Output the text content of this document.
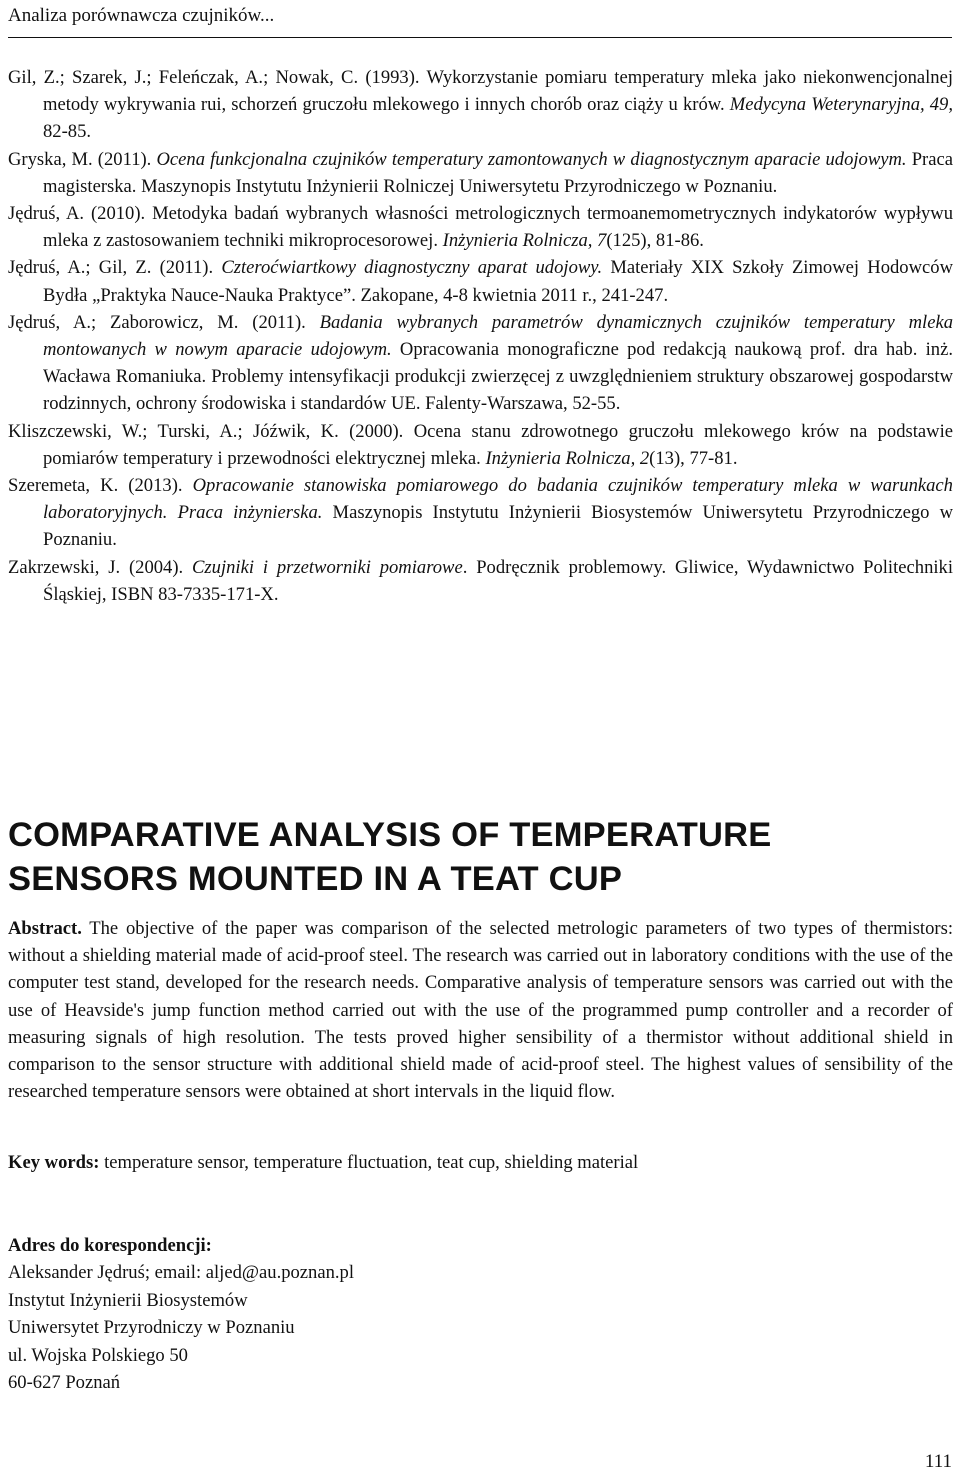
Analiza porównawcza czujników...
Gil, Z.; Szarek, J.; Feleńczak, A.; Nowak, C. (1993). Wykorzystanie pomiaru temperatury mleka jako niekonwencjonalnej metody wykrywania rui, schorzeń gruczołu mlekowego i innych chorób oraz ciąży u krów. Medycyna Weterynaryjna, 49, 82-85.
Gryska, M. (2011). Ocena funkcjonalna czujników temperatury zamontowanych w diagnostycznym aparacie udojowym. Praca magisterska. Maszynopis Instytutu Inżynierii Rolniczej Uniwersytetu Przyrodniczego w Poznaniu.
Jędruś, A. (2010). Metodyka badań wybranych własności metrologicznych termoanemometrycznych indykatorów wypływu mleka z zastosowaniem techniki mikroprocesorowej. Inżynieria Rolnicza, 7(125), 81-86.
Jędruś, A.; Gil, Z. (2011). Czteroćwiartkowy diagnostyczny aparat udojowy. Materiały XIX Szkoły Zimowej Hodowców Bydła „Praktyka Nauce-Nauka Praktyce”. Zakopane, 4-8 kwietnia 2011 r., 241-247.
Jędruś, A.; Zaborowicz, M. (2011). Badania wybranych parametrów dynamicznych czujników temperatury mleka montowanych w nowym aparacie udojowym. Opracowania monograficzne pod redakcją naukową prof. dra hab. inż. Wacława Romaniuka. Problemy intensyfikacji produkcji zwierzęcej z uwzględnieniem struktury obszarowej gospodarstw rodzinnych, ochrony środowiska i standardów UE. Falenty-Warszawa, 52-55.
Kliszczewski, W.; Turski, A.; Jóźwik, K. (2000). Ocena stanu zdrowotnego gruczołu mlekowego krów na podstawie pomiarów temperatury i przewodności elektrycznej mleka. Inżynieria Rolnicza, 2(13), 77-81.
Szeremeta, K. (2013). Opracowanie stanowiska pomiarowego do badania czujników temperatury mleka w warunkach laboratoryjnych. Praca inżynierska. Maszynopis Instytutu Inżynierii Biosystemów Uniwersytetu Przyrodniczego w Poznaniu.
Zakrzewski, J. (2004). Czujniki i przetworniki pomiarowe. Podręcznik problemowy. Gliwice, Wydawnictwo Politechniki Śląskiej, ISBN 83-7335-171-X.
COMPARATIVE ANALYSIS OF TEMPERATURE
SENSORS MOUNTED IN A TEAT CUP
Abstract. The objective of the paper was comparison of the selected metrologic parameters of two types of thermistors: without a shielding material made of acid-proof steel. The research was carried out in laboratory conditions with the use of the computer test stand, developed for the research needs. Comparative analysis of temperature sensors was carried out with the use of Heavside's jump function method carried out with the use of the programmed pump controller and a recorder of measuring signals of high resolution. The tests proved higher sensibility of a thermistor without additional shield in comparison to the sensor structure with additional shield made of acid-proof steel. The highest values of sensibility of the researched temperature sensors were obtained at short intervals in the liquid flow.
Key words: temperature sensor, temperature fluctuation, teat cup, shielding material
Adres do korespondencji:
Aleksander Jędruś; email: aljed@au.poznan.pl
Instytut Inżynierii Biosystemów
Uniwersytet Przyrodniczy w Poznaniu
ul. Wojska Polskiego 50
60-627 Poznań
111
